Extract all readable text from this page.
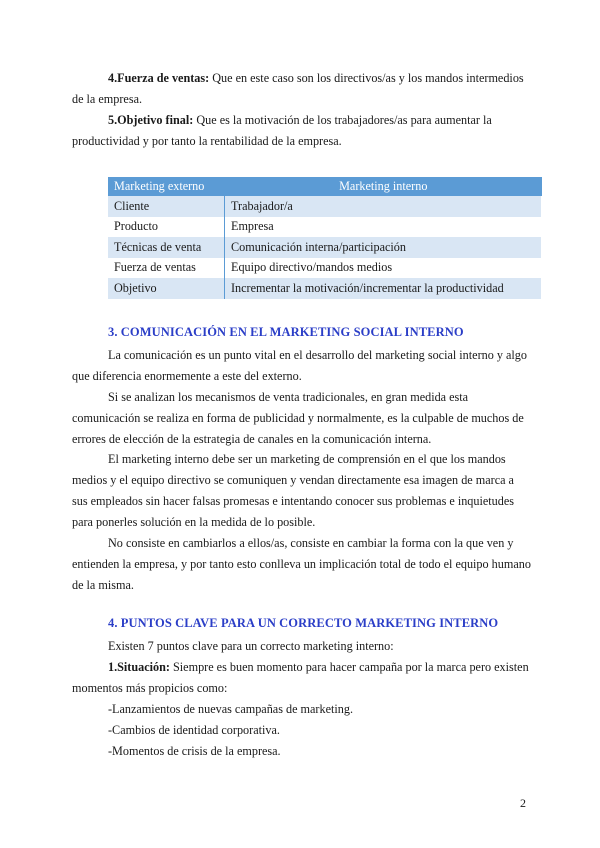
4.Fuerza de ventas: Que en este caso son los directivos/as y los mandos intermedios de la empresa.

5.Objetivo final: Que es la motivación de los trabajadores/as para aumentar la productividad y por tanto la rentabilidad de la empresa.

Marketing externo	Marketing interno
Cliente	Trabajador/a
Producto	Empresa
Técnicas de venta	Comunicación interna/participación
Fuerza de ventas	Equipo directivo/mandos medios
Objetivo	Incrementar la motivación/incrementar la productividad
3. COMUNICACIÓN EN EL MARKETING SOCIAL INTERNO

La comunicación es un punto vital en el desarrollo del marketing social interno y algo que diferencia enormemente a este del externo.

Si se analizan los mecanismos de venta tradicionales, en gran medida esta comunicación se realiza en forma de publicidad y normalmente, es la culpable de muchos de errores de elección de la estrategia de canales en la comunicación interna.

El marketing interno debe ser un marketing de comprensión en el que los mandos medios y el equipo directivo se comuniquen y vendan directamente esa imagen de marca a sus empleados sin hacer falsas promesas e intentando conocer sus problemas e inquietudes para ponerles solución en la medida de lo posible.

No consiste en cambiarlos a ellos/as, consiste en cambiar la forma con la que ven y entienden la empresa, y por tanto esto conlleva un implicación total de todo el equipo humano de la misma.

4. PUNTOS CLAVE PARA UN CORRECTO MARKETING INTERNO

Existen 7 puntos clave para un correcto marketing interno:

1.Situación: Siempre es buen momento para hacer campaña por la marca pero existen momentos más propicios como:

-Lanzamientos de nuevas campañas de marketing.

-Cambios de identidad corporativa.

-Momentos de crisis de la empresa.

2
